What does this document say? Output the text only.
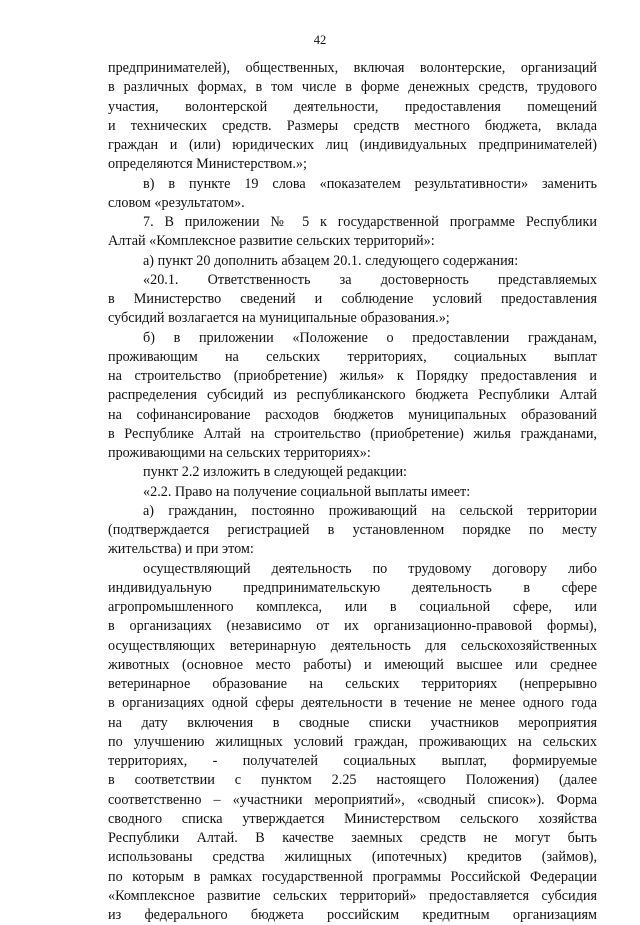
42
предпринимателей), общественных, включая волонтерские, организаций
в различных формах, в том числе в форме денежных средств, трудового
участия, волонтерской деятельности, предоставления помещений
и технических средств. Размеры средств местного бюджета, вклада
граждан и (или) юридических лиц (индивидуальных предпринимателей)
определяются Министерством.»;
в) в пункте 19 слова «показателем результативности» заменить
словом «результатом».
7. В приложении № 5 к государственной программе Республики
Алтай «Комплексное развитие сельских территорий»:
а) пункт 20 дополнить абзацем 20.1. следующего содержания:
«20.1. Ответственность за достоверность представляемых
в Министерство сведений и соблюдение условий предоставления
субсидий возлагается на муниципальные образования.»;
б) в приложении «Положение о предоставлении гражданам,
проживающим на сельских территориях, социальных выплат
на строительство (приобретение) жилья» к Порядку предоставления и
распределения субсидий из республиканского бюджета Республики Алтай
на софинансирование расходов бюджетов муниципальных образований
в Республике Алтай на строительство (приобретение) жилья гражданами,
проживающими на сельских территориях»:
пункт 2.2 изложить в следующей редакции:
«2.2. Право на получение социальной выплаты имеет:
а) гражданин, постоянно проживающий на сельской территории
(подтверждается регистрацией в установленном порядке по месту
жительства) и при этом:
осуществляющий деятельность по трудовому договору либо
индивидуальную предпринимательскую деятельность в сфере
агропромышленного комплекса, или в социальной сфере, или
в организациях (независимо от их организационно-правовой формы),
осуществляющих ветеринарную деятельность для сельскохозяйственных
животных (основное место работы) и имеющий высшее или среднее
ветеринарное образование на сельских территориях (непрерывно
в организациях одной сферы деятельности в течение не менее одного года
на дату включения в сводные списки участников мероприятия
по улучшению жилищных условий граждан, проживающих на сельских
территориях, - получателей социальных выплат, формируемые
в соответствии с пунктом 2.25 настоящего Положения) (далее
соответственно – «участники мероприятий», «сводный список»). Форма
сводного списка утверждается Министерством сельского хозяйства
Республики Алтай. В качестве заемных средств не могут быть
использованы средства жилищных (ипотечных) кредитов (займов),
по которым в рамках государственной программы Российской Федерации
«Комплексное развитие сельских территорий» предоставляется субсидия
из федерального бюджета российским кредитным организациям
